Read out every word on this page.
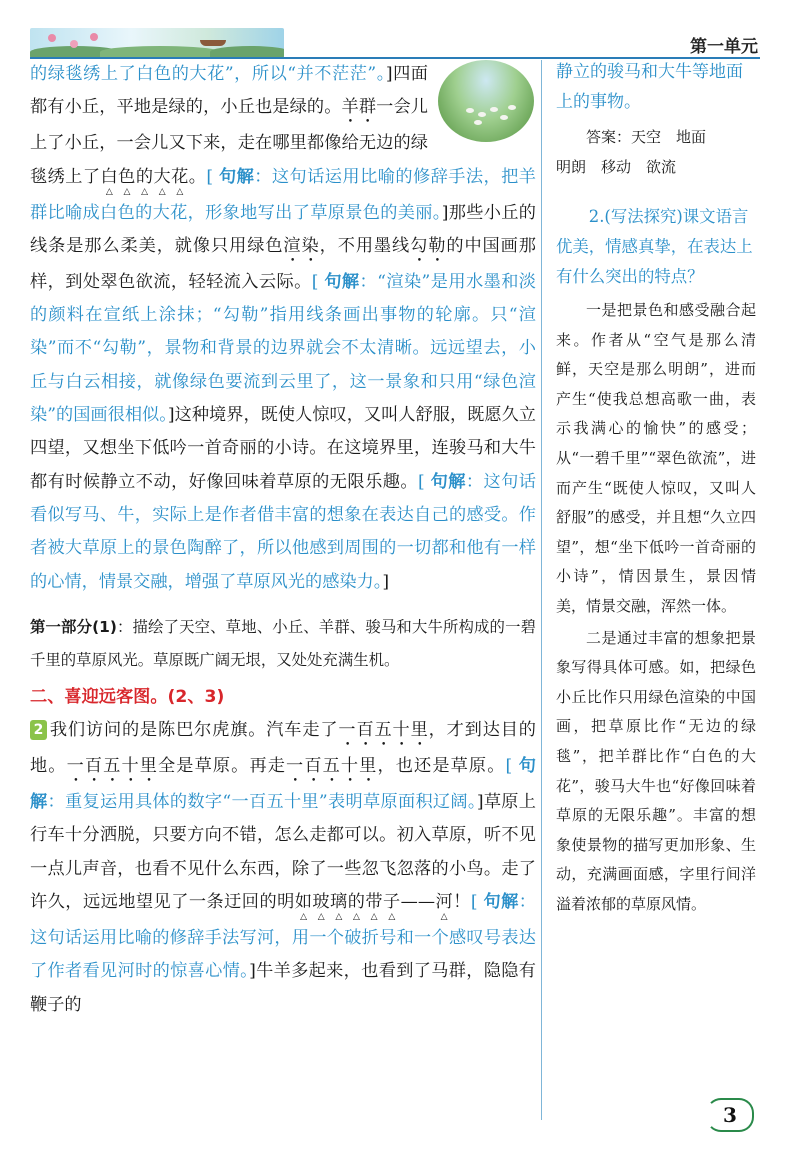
第一单元

的绿毯绣上了白色的大花”，所以“并不茫茫”。]四面都有小丘，平地是绿的，小丘也是绿的。羊群一会儿上了小丘，一会儿又下来，走在哪里都像给无边的绿毯绣上了白色的大花。[ 句解：这句话运用比喻的修辞手法，把羊群比喻成白色的大花，形象地写出了草原景色的美丽。]那些小丘的线条是那么柔美，就像只用绿色渲染，不用墨线勾勒的中国画那样，到处翠色欲流，轻轻流入云际。[ 句解：“渲染”是用水墨和淡的颜料在宣纸上涂抹；“勾勒”指用线条画出事物的轮廓。只“渲染”而不“勾勒”，景物和背景的边界就会不太清晰。远远望去，小丘与白云相接，就像绿色要流到云里了，这一景象和只用“绿色渲染”的国画很相似。]这种境界，既使人惊叹，又叫人舒服，既愿久立四望，又想坐下低吟一首奇丽的小诗。在这境界里，连骏马和大牛都有时候静立不动，好像回味着草原的无限乐趣。[ 句解：这句话看似写马、牛，实际上是作者借丰富的想象在表达自己的感受。作者被大草原上的景色陶醉了，所以他感到周围的一切都和他有一样的心情，情景交融，增强了草原风光的感染力。]

第一部分(1)：描绘了天空、草地、小丘、羊群、骏马和大牛所构成的一碧千里的草原风光。草原既广阔无垠，又处处充满生机。

二、喜迎远客图。(2、3)

2 我们访问的是陈巴尔虎旗。汽车走了一百五十里，才到达目的地。一百五十里全是草原。再走一百五十里，也还是草原。[ 句解：重复运用具体的数字“一百五十里”表明草原面积辽阔。]草原上行车十分洒脱，只要方向不错，怎么走都可以。初入草原，听不见一点儿声音，也看不见什么东西，除了一些忽飞忽落的小鸟。走了许久，远远地望见了一条迂回的明如玻璃的带子——河！[ 句解：这句话运用比喻的修辞手法写河，用一个破折号和一个感叹号表达了作者看见河时的惊喜心情。]牛羊多起来，也看到了马群，隐隐有鞭子的

静立的骏马和大牛等地面上的事物。

答案：天空　地面

明朗　移动　欲流

2.(写法探究)课文语言优美，情感真挚，在表达上有什么突出的特点？

一是把景色和感受融合起来。作者从“空气是那么清鲜，天空是那么明朗”，进而产生“使我总想高歌一曲，表示我满心的愉快”的感受；从“一碧千里”“翠色欲流”，进而产生“既使人惊叹，又叫人舒服”的感受，并且想“久立四望”，想“坐下低吟一首奇丽的小诗”，情因景生，景因情美，情景交融，浑然一体。

二是通过丰富的想象把景象写得具体可感。如，把绿色小丘比作只用绿色渲染的中国画，把草原比作“无边的绿毯”，把羊群比作“白色的大花”，骏马大牛也“好像回味着草原的无限乐趣”。丰富的想象使景物的描写更加形象、生动，充满画面感，字里行间洋溢着浓郁的草原风情。

3
